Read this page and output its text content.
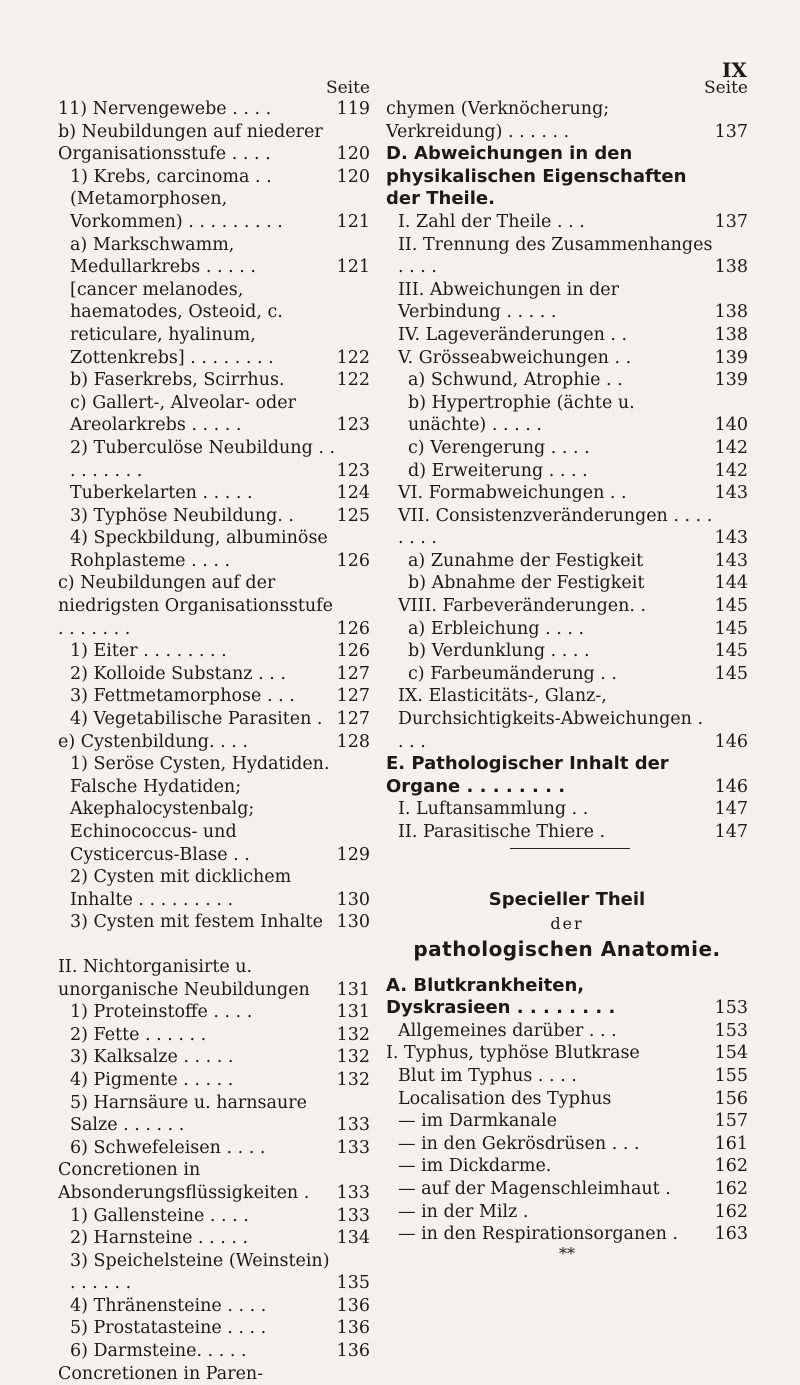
IX
Seite
11) Nervengewebe . . . .	119
b) Neubildungen auf niederer Organisationsstufe . . . .	120
1) Krebs, carcinoma . .	120
(Metamorphosen, Vorkommen) . . . . . . . . .	121
a) Markschwamm, Medullarkrebs . . . . .	121
[cancer melanodes, haematodes, Osteoid, c. reticulare, hyalinum, Zottenkrebs] . . . . . . . .	122
b) Faserkrebs, Scirrhus.	122
c) Gallert-, Alveolar- oder Areolarkrebs . . . . .	123
2) Tuberculöse Neubildung . . . . . . . . .	123
Tuberkelarten . . . . .	124
3) Typhöse Neubildung. .	125
4) Speckbildung, albuminöse Rohplasteme . . . .	126
c) Neubildungen auf der niedrigsten Organisationsstufe . . . . . . .	126
1) Eiter . . . . . . . .	126
2) Kolloide Substanz . . .	127
3) Fettmetamorphose . . .	127
4) Vegetabilische Parasiten . 127
e) Cystenbildung. . . .	128
1) Seröse Cysten, Hydatiden. Falsche Hydatiden; Akephalocystenbalg; Echinococcus- und Cysticercus-Blase . .	129
2) Cysten mit dicklichem Inhalte . . . . . . . . .	130
3) Cysten mit festem Inhalte 130
II. Nichtorganisirte u. unorganische Neubildungen	131
1) Proteinstoffe . . . .	131
2) Fette . . . . . .	132
3) Kalksalze . . . . .	132
4) Pigmente . . . . .	132
5) Harnsäure u. harnsaure Salze . . . . . .	133
6) Schwefeleisen . . . .	133
Concretionen in Absonderungsflüssigkeiten .	133
1) Gallensteine . . . .	133
2) Harnsteine . . . . .	134
3) Speichelsteine (Weinstein) . . . . . .	135
4) Thränensteine . . . .	136
5) Prostatasteine . . . .	136
6) Darmsteine. . . . .	136
Concretionen in Paren-
Seite
chymen (Verknöcherung; Verkreidung) . . . . . .	137
D. Abweichungen in den physikalischen Eigenschaften der Theile.
I. Zahl der Theile . . .	137
II. Trennung des Zusammenhanges . . . .	138
III. Abweichungen in der Verbindung . . . . .	138
IV. Lageveränderungen . .	138
V. Grösseabweichungen . .	139
a) Schwund, Atrophie . .	139
b) Hypertrophie (ächte u. unächte) . . . . .	140
c) Verengerung . . . .	142
d) Erweiterung . . . .	142
VI. Formabweichungen . .	143
VII. Consistenzveränderungen . . . . . . . .	143
a) Zunahme der Festigkeit	143
b) Abnahme der Festigkeit	144
VIII. Farbeveränderungen. .	145
a) Erbleichung . . . .	145
b) Verdunklung . . . .	145
c) Farbeumänderung . .	145
IX. Elasticitäts-, Glanz-, Durchsichtigkeits-Abweichungen . . . .	146
E. Pathologischer Inhalt der Organe . . . . . . . .	146
I. Luftansammlung . .	147
II. Parasitische Thiere .	147
Specieller Theil
der
pathologischen Anatomie.
A. Blutkrankheiten, Dyskrasieen . . . . . . . .	153
Allgemeines darüber . . .	153
I. Typhus, typhöse Blutkrase	154
Blut im Typhus . . . .	155
Localisation des Typhus	156
— im Darmkanale	157
— in den Gekrösdrüsen . . .	161
— im Dickdarme.	162
— auf der Magenschleimhaut .	162
— in der Milz .	162
— in den Respirationsorganen .	163
**
